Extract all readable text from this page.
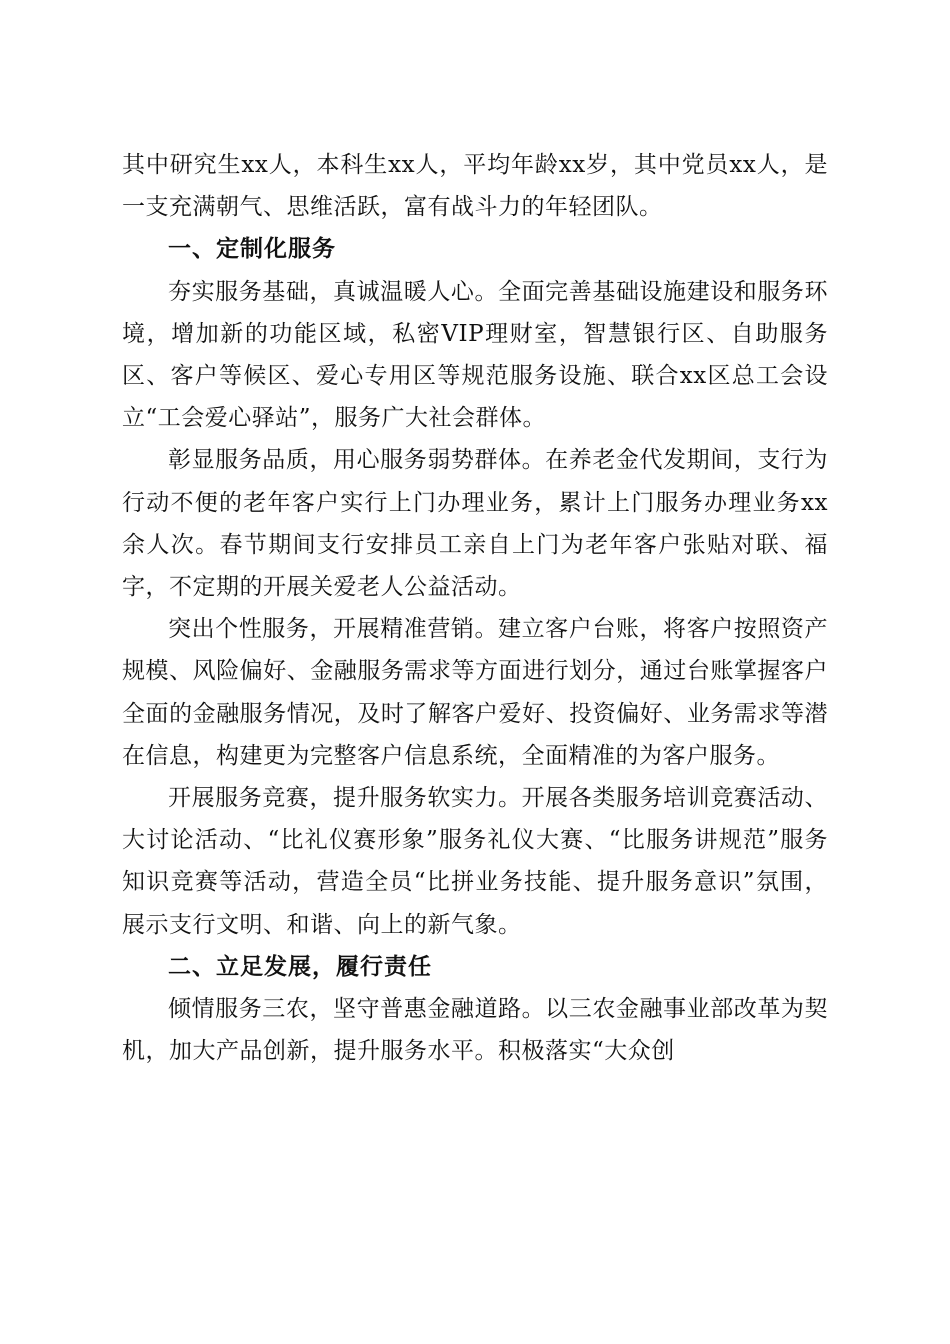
其中研究生xx人，本科生xx人，平均年龄xx岁，其中党员xx人，是一支充满朝气、思维活跃，富有战斗力的年轻团队。

一、定制化服务

夯实服务基础，真诚温暖人心。全面完善基础设施建设和服务环境，增加新的功能区域，私密VIP理财室，智慧银行区、自助服务区、客户等候区、爱心专用区等规范服务设施、联合xx区总工会设立“工会爱心驿站”，服务广大社会群体。

彰显服务品质，用心服务弱势群体。在养老金代发期间，支行为行动不便的老年客户实行上门办理业务，累计上门服务办理业务xx余人次。春节期间支行安排员工亲自上门为老年客户张贴对联、福字，不定期的开展关爱老人公益活动。

突出个性服务，开展精准营销。建立客户台账，将客户按照资产规模、风险偏好、金融服务需求等方面进行划分，通过台账掌握客户全面的金融服务情况，及时了解客户爱好、投资偏好、业务需求等潜在信息，构建更为完整客户信息系统，全面精准的为客户服务。

开展服务竞赛，提升服务软实力。开展各类服务培训竞赛活动、大讨论活动、“比礼仪赛形象”服务礼仪大赛、“比服务讲规范”服务知识竞赛等活动，营造全员“比拼业务技能、提升服务意识”氛围，展示支行文明、和谐、向上的新气象。

二、立足发展，履行责任

倾情服务三农，坚守普惠金融道路。以三农金融事业部改革为契机，加大产品创新，提升服务水平。积极落实“大众创
